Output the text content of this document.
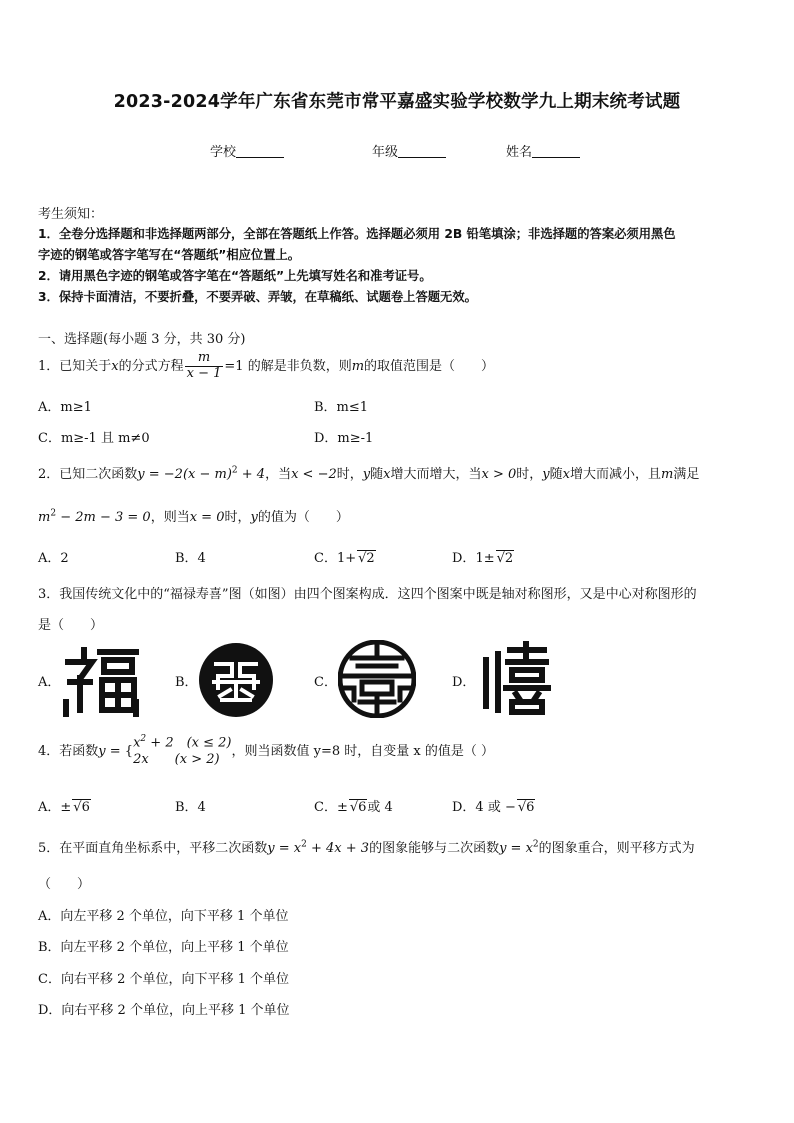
2023-2024学年广东省东莞市常平嘉盛实验学校数学九上期末统考试题
学校	年级	姓名
考生须知：
1．全卷分选择题和非选择题两部分，全部在答题纸上作答。选择题必须用 2B 铅笔填涂；非选择题的答案必须用黑色
字迹的钢笔或答字笔写在“答题纸”相应位置上。
2．请用黑色字迹的钢笔或答字笔在“答题纸”上先填写姓名和准考证号。
3．保持卡面清洁，不要折叠，不要弄破、弄皱，在草稿纸、试题卷上答题无效。
一、选择题(每小题 3 分，共 30 分)
1．已知关于x的分式方程 $\frac{m}{x - 1} =1$ 的解是非负数，则m的取值范围是（　　）
A．m≥1	B．m≤1
C．m≥-1 且 m≠0	D．m≥-1
2．已知二次函数$y = -2(x - m)^2 + 4$，当x < −2时，y随x增大而增大，当x > 0时，y随x增大而减小，且m满足
$m^2 - 2m - 3 = 0$，则当x = 0时，y的值为（　　）
A．2	B．4	C．1+ √2	D．1± √2
3．我国传统文化中的“福禄寿喜”图（如图）由四个图案构成．这四个图案中既是轴对称图形，又是中心对称图形的
是（　　）
A．	B．	C．	D．
4．若函数y = {
$x^2 + 2$　(x ≤ 2)
2x　　(x > 2)
，则当函数值 y=8 时，自变量 x 的值是（ ）
A．± √6	B．4	C．± √6或 4	D．4 或 − √6
5．在平面直角坐标系中，平移二次函数$y = x^2 + 4x + 3$的图象能够与二次函数$y = x^2$的图象重合，则平移方式为
（　　）
A．向左平移 2 个单位，向下平移 1 个单位
B．向左平移 2 个单位，向上平移 1 个单位
C．向右平移 2 个单位，向下平移 1 个单位
D．向右平移 2 个单位，向上平移 1 个单位
